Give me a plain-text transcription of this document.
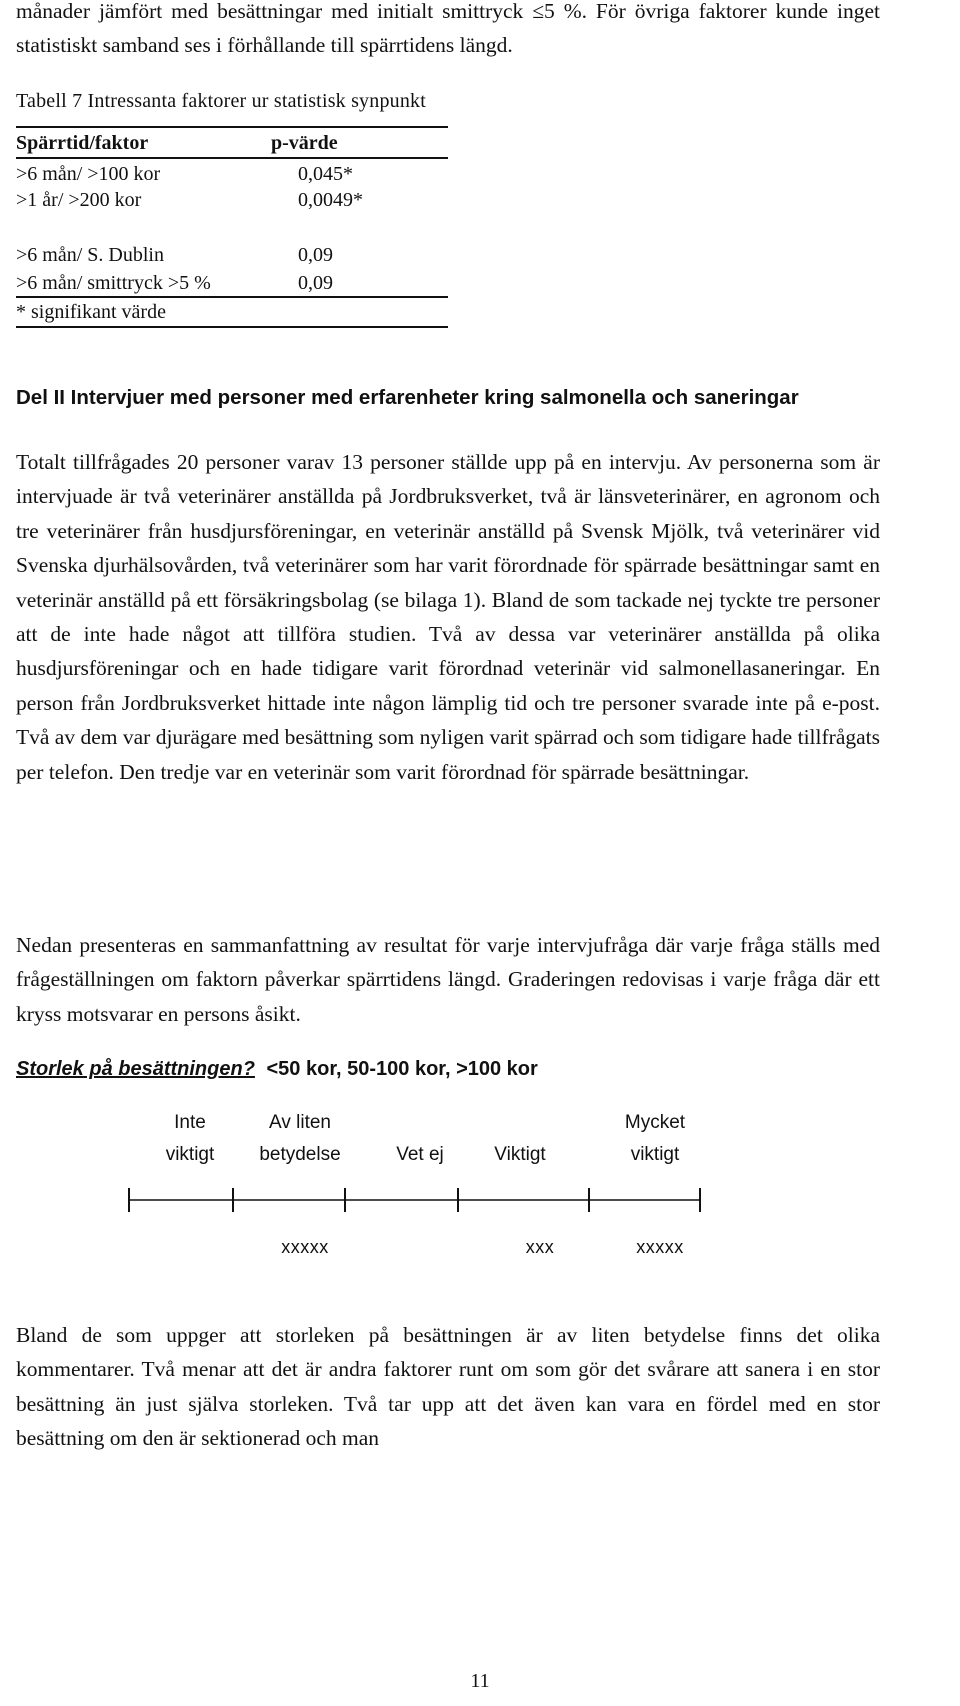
månader jämfört med besättningar med initialt smittryck ≤5 %. För övriga faktorer kunde inget statistiskt samband ses i förhållande till spärrtidens längd.

Tabell 7 Intressanta faktorer ur statistisk synpunkt
Spärrtid/faktor	p-värde
>6 mån/ >100 kor	0,045*
>1 år/ >200 kor	0,0049*
>6 mån/ S. Dublin	0,09
>6 mån/ smittryck >5 %	0,09
* signifikant värde
Del II Intervjuer med personer med erfarenheter kring salmonella och saneringar

Totalt tillfrågades 20 personer varav 13 personer ställde upp på en intervju. Av personerna som är intervjuade är två veterinärer anställda på Jordbruksverket, två är länsveterinärer, en agronom och tre veterinärer från husdjursföreningar, en veterinär anställd på Svensk Mjölk, två veterinärer vid Svenska djurhälsovården, två veterinärer som har varit förordnade för spärrade besättningar samt en veterinär anställd på ett försäkringsbolag (se bilaga 1). Bland de som tackade nej tyckte tre personer att de inte hade något att tillföra studien. Två av dessa var veterinärer anställda på olika husdjursföreningar och en hade tidigare varit förordnad veterinär vid salmonellasaneringar. En person från Jordbruksverket hittade inte någon lämplig tid och tre personer svarade inte på e-post. Två av dem var djurägare med besättning som nyligen varit spärrad och som tidigare hade tillfrågats per telefon. Den tredje var en veterinär som varit förordnad för spärrade besättningar.

Nedan presenteras en sammanfattning av resultat för varje intervjufråga där varje fråga ställs med frågeställningen om faktorn påverkar spärrtidens längd. Graderingen redovisas i varje fråga där ett kryss motsvarar en persons åsikt.

Storlek på besättningen? <50 kor, 50-100 kor, >100 kor
Inte
viktigt
Av liten
betydelse
	Vet ej
	Viktigt
Mycket
viktigt
xxxxx	xxx	xxxxx

Bland de som uppger att storleken på besättningen är av liten betydelse finns det olika kommentarer. Två menar att det är andra faktorer runt om som gör det svårare att sanera i en stor besättning än just själva storleken. Två tar upp att det även kan vara en fördel med en stor besättning om den är sektionerad och man

11
